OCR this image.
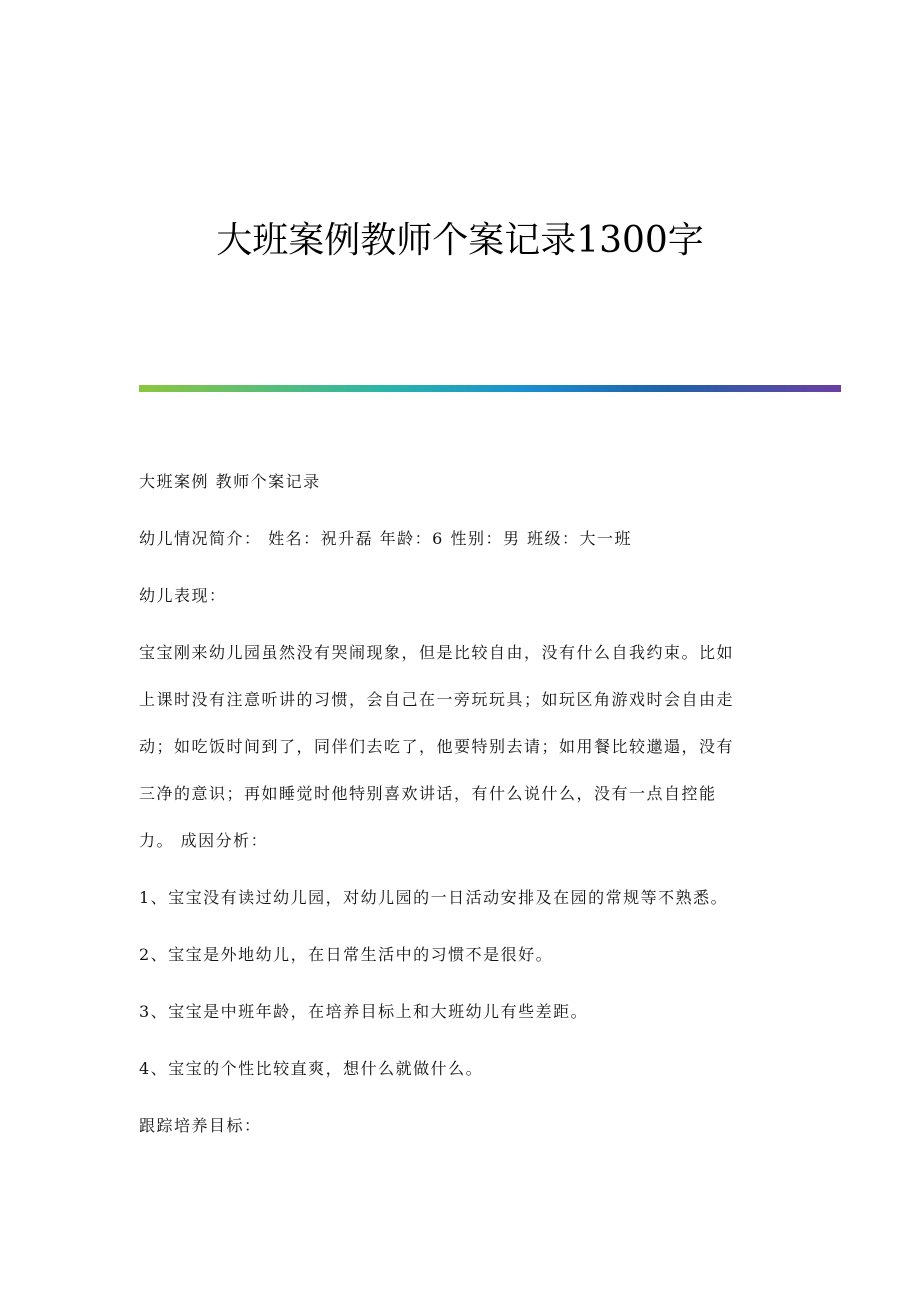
大班案例教师个案记录1300字

大班案例 教师个案记录

幼儿情况简介： 姓名：祝升磊 年龄：6 性别：男 班级：大一班

幼儿表现：

宝宝刚来幼儿园虽然没有哭闹现象，但是比较自由，没有什么自我约束。比如
上课时没有注意听讲的习惯，会自己在一旁玩玩具；如玩区角游戏时会自由走
动；如吃饭时间到了，同伴们去吃了，他要特别去请；如用餐比较邋遢，没有
三净的意识；再如睡觉时他特别喜欢讲话，有什么说什么，没有一点自控能
力。 成因分析：

1、宝宝没有读过幼儿园，对幼儿园的一日活动安排及在园的常规等不熟悉。

2、宝宝是外地幼儿，在日常生活中的习惯不是很好。

3、宝宝是中班年龄，在培养目标上和大班幼儿有些差距。

4、宝宝的个性比较直爽，想什么就做什么。

跟踪培养目标：
